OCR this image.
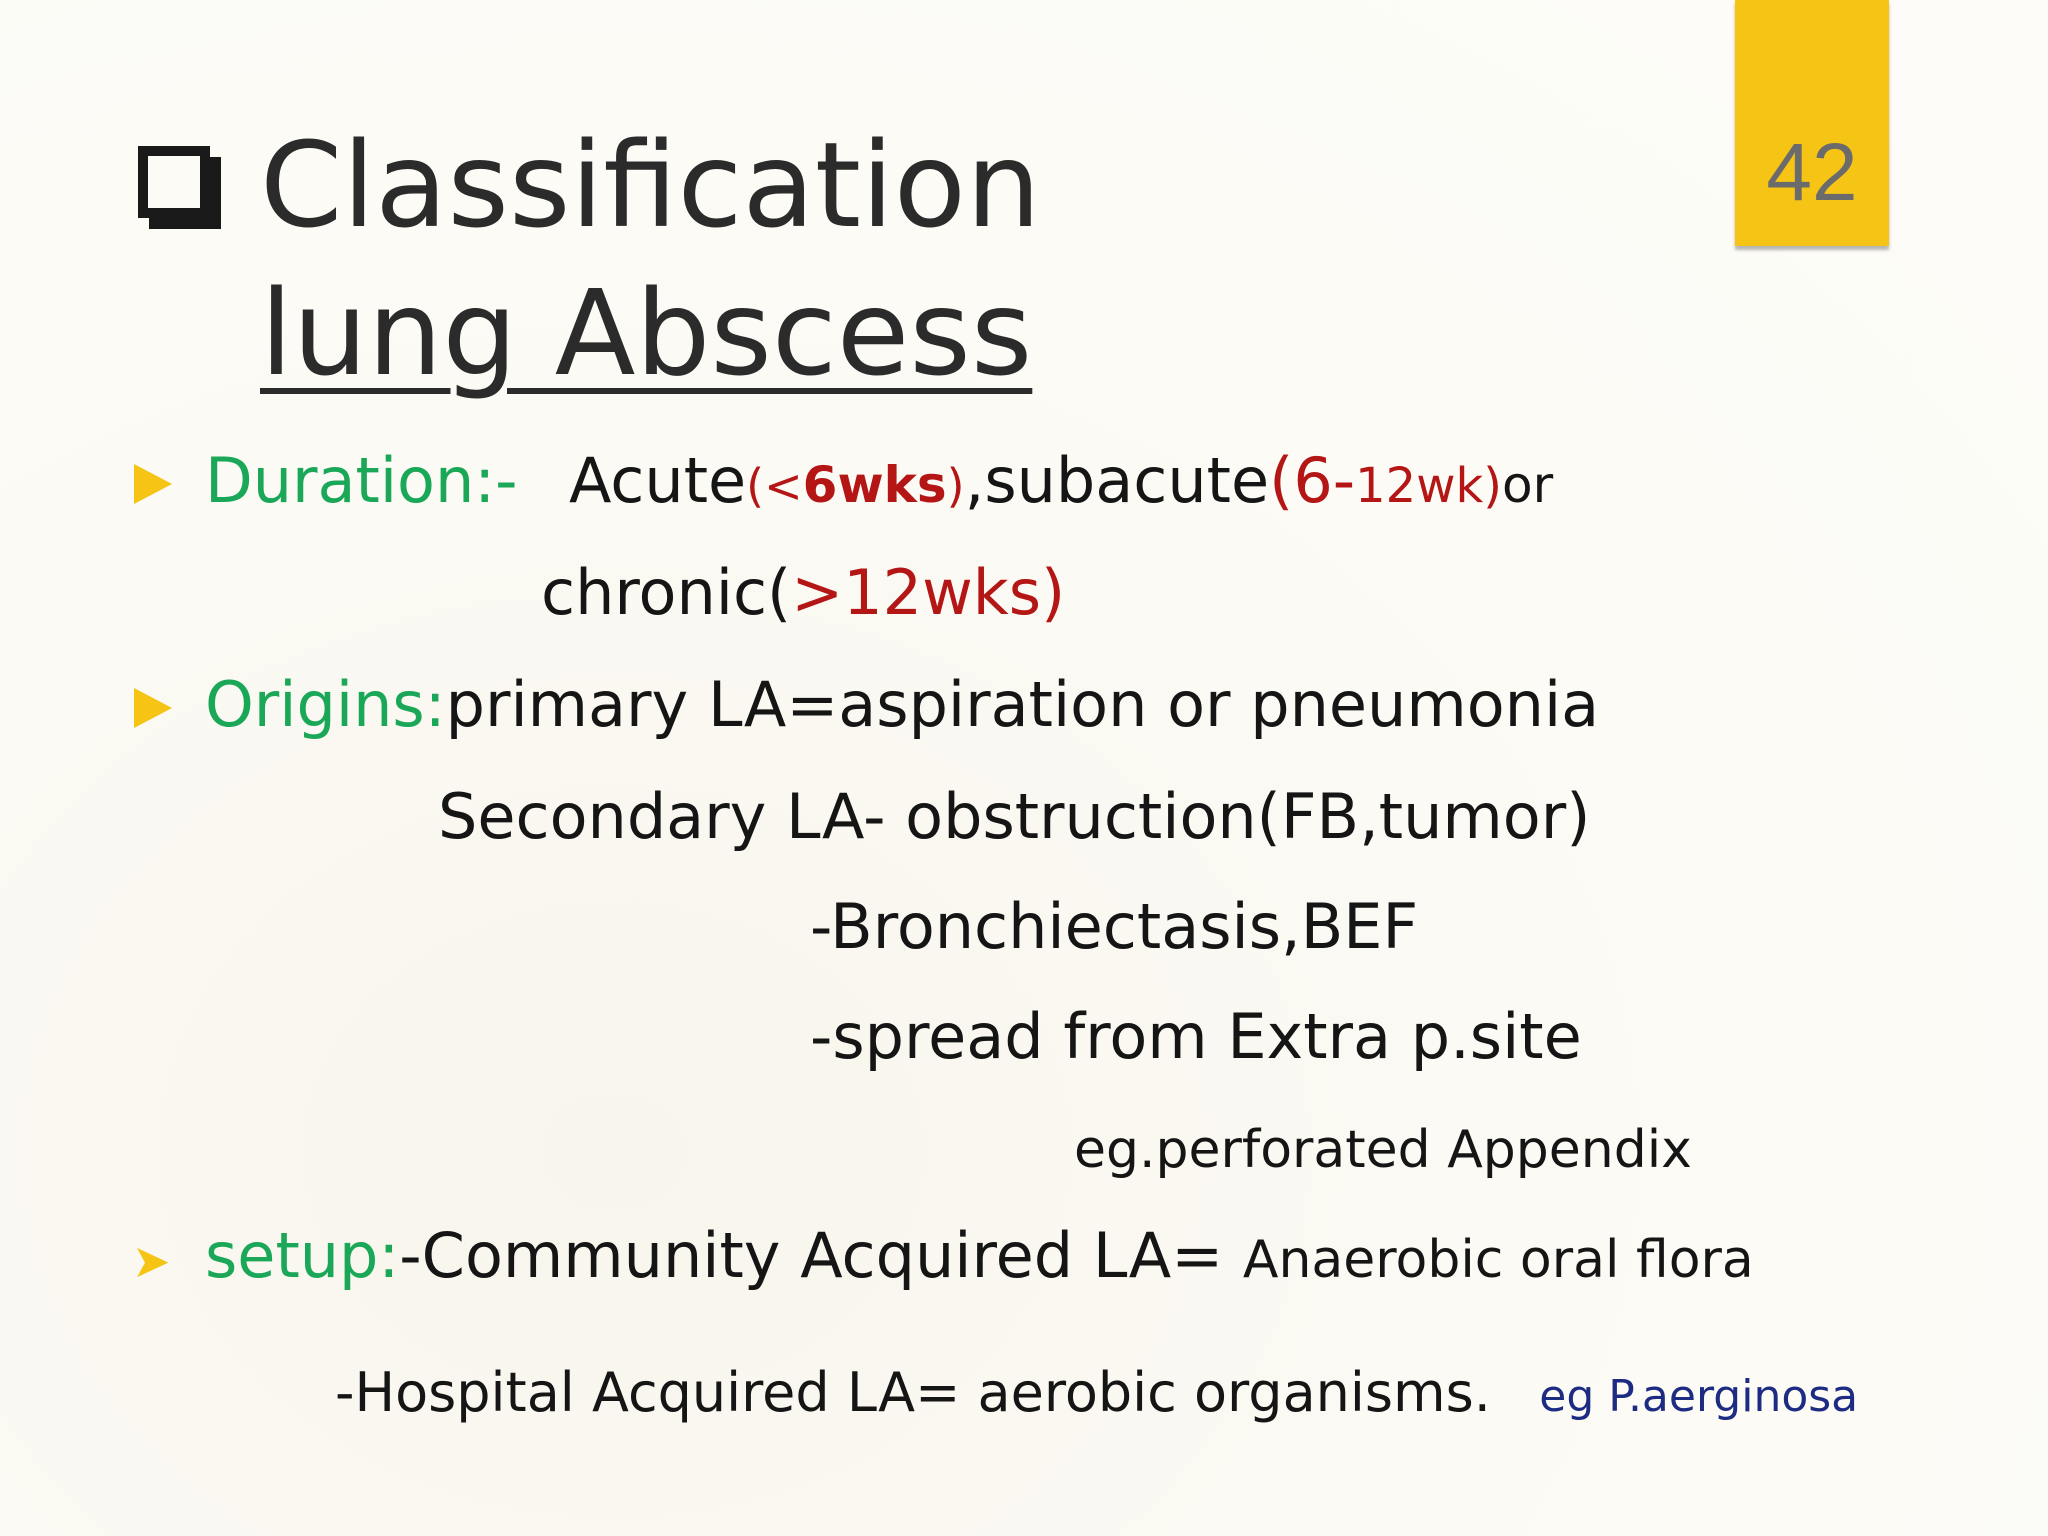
42
Classification
lung Abscess
Duration:- Acute(<6wks),subacute(6-12wk)or
chronic(>12wks)
Origins:primary LA=aspiration or pneumonia
Secondary LA- obstruction(FB,tumor)
-Bronchiectasis,BEF
-spread from Extra p.site
eg.perforated Appendix
➤ setup:-Community Acquired LA= Anaerobic oral flora
-Hospital Acquired LA= aerobic organisms. eg P.aerginosa
